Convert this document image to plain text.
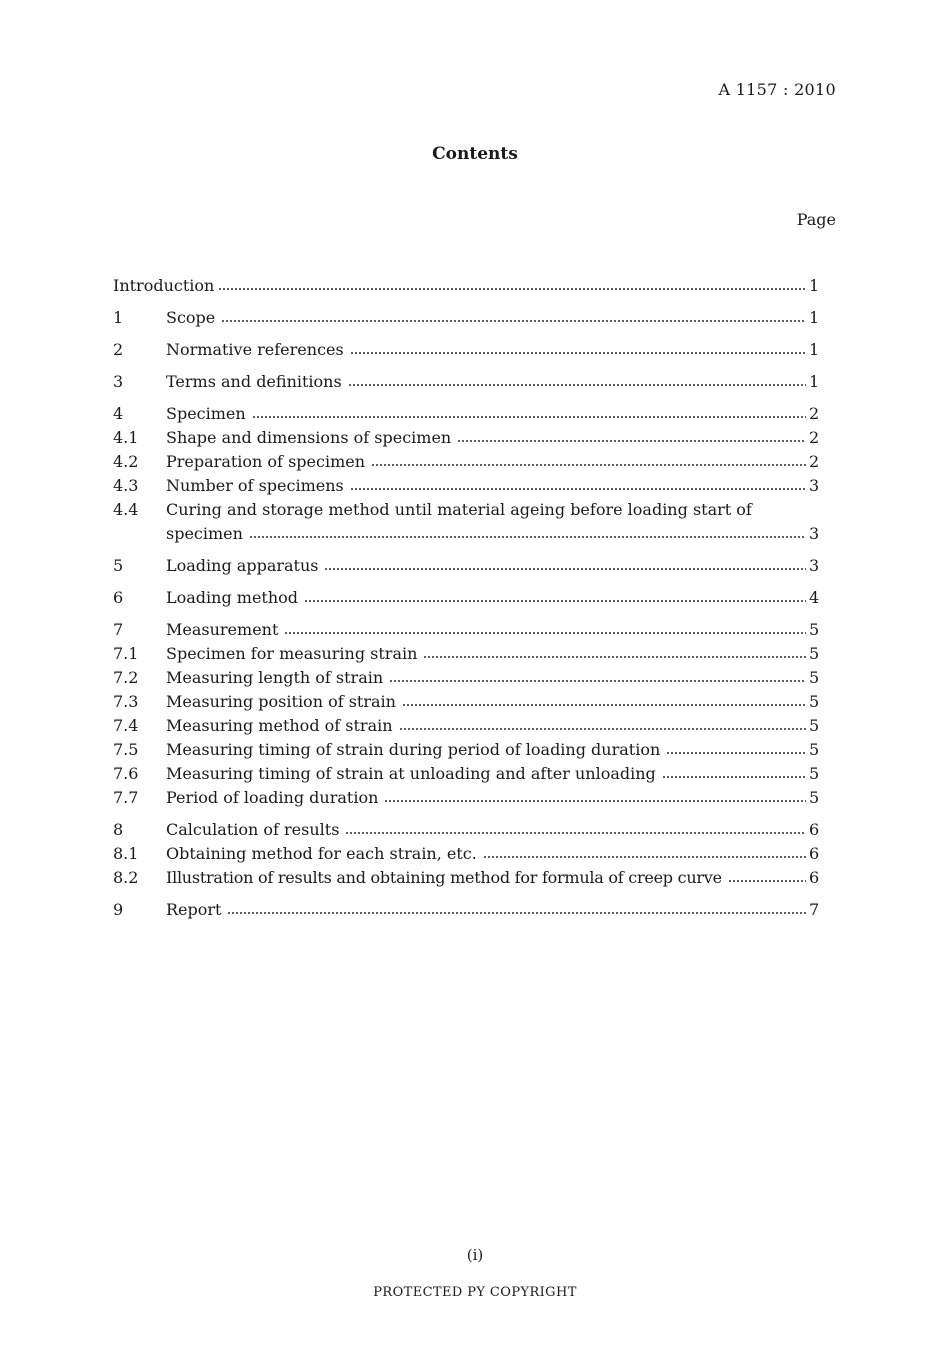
A 1157 : 2010
Contents
Page
Introduction	1
1	Scope	1
2	Normative references	1
3	Terms and definitions	1
4	Specimen	2
4.1	Shape and dimensions of specimen	2
4.2	Preparation of specimen	2
4.3	Number of specimens	3
4.4	Curing and storage method until material ageing before loading start of
specimen	3
5	Loading apparatus	3
6	Loading method	4
7	Measurement	5
7.1	Specimen for measuring strain	5
7.2	Measuring length of strain	5
7.3	Measuring position of strain	5
7.4	Measuring method of strain	5
7.5	Measuring timing of strain during period of loading duration	5
7.6	Measuring timing of strain at unloading and after unloading	5
7.7	Period of loading duration	5
8	Calculation of results	6
8.1	Obtaining method for each strain, etc.	6
8.2	Illustration of results and obtaining method for formula of creep curve	6
9	Report	7
(i)
PROTECTED PY COPYRIGHT
